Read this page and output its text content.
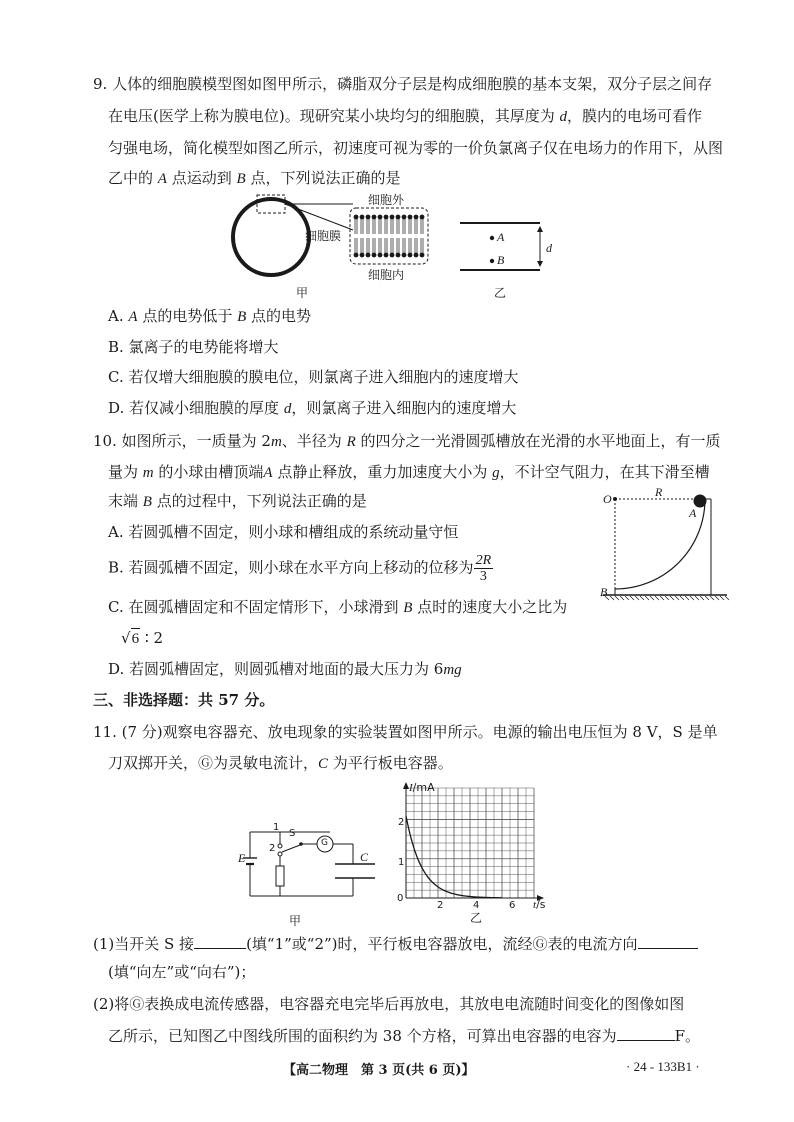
9. 人体的细胞膜模型图如图甲所示，磷脂双分子层是构成细胞膜的基本支架，双分子层之间存
在电压(医学上称为膜电位)。现研究某小块均匀的细胞膜，其厚度为 d，膜内的电场可看作
匀强电场，简化模型如图乙所示，初速度可视为零的一价负氯离子仅在电场力的作用下，从图
乙中的 A 点运动到 B 点，下列说法正确的是
细胞外
细胞膜
细胞内
甲
A
B
d
乙
A. A 点的电势低于 B 点的电势
B. 氯离子的电势能将增大
C. 若仅增大细胞膜的膜电位，则氯离子进入细胞内的速度增大
D. 若仅减小细胞膜的厚度 d，则氯离子进入细胞内的速度增大
10. 如图所示，一质量为 2m、半径为 R 的四分之一光滑圆弧槽放在光滑的水平地面上，有一质
量为 m 的小球由槽顶端A 点静止释放，重力加速度大小为 g，不计空气阻力，在其下滑至槽
末端 B 点的过程中，下列说法正确的是
A. 若圆弧槽不固定，则小球和槽组成的系统动量守恒
B. 若圆弧槽不固定，则小球在水平方向上移动的位移为 $\frac{2R}{3}$
C. 在圆弧槽固定和不固定情形下，小球滑到 B 点时的速度大小之比为
√6 ∶ 2
D. 若圆弧槽固定，则圆弧槽对地面的最大压力为 6mg
O	R
A
B
三、非选择题：共 57 分。
11. (7 分)观察电容器充、放电现象的实验装置如图甲所示。电源的输出电压恒为 8 V，S 是单
刀双掷开关，Ⓖ为灵敏电流计，C 为平行板电容器。
1
2
S
G
C
E
甲
I/mA
2
1
0
2	4	6 t/s
乙
(1)当开关 S 接	(填“1”或“2”)时，平行板电容器放电，流经Ⓖ表的电流方向
(填“向左”或“向右”)；
(2)将Ⓖ表换成电流传感器，电容器充电完毕后再放电，其放电电流随时间变化的图像如图
乙所示，已知图乙中图线所围的面积约为 38 个方格，可算出电容器的电容为	F。
【高二物理　第 3 页(共 6 页)】	· 24 - 133B1 ·
